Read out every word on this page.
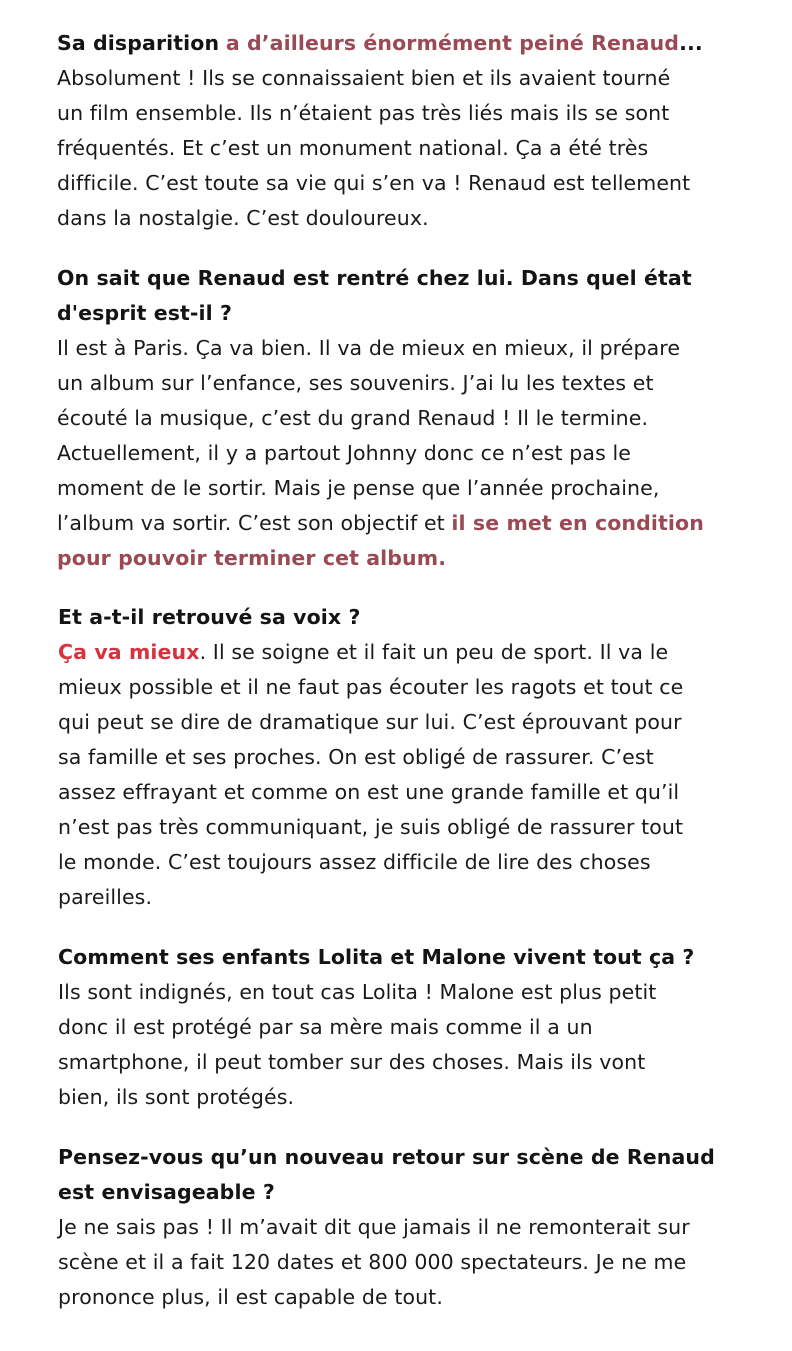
Sa disparition a d’ailleurs énormément peiné Renaud...
Absolument ! Ils se connaissaient bien et ils avaient tourné
un film ensemble. Ils n’étaient pas très liés mais ils se sont
fréquentés. Et c’est un monument national. Ça a été très
difficile. C’est toute sa vie qui s’en va ! Renaud est tellement
dans la nostalgie. C’est douloureux.
On sait que Renaud est rentré chez lui. Dans quel état
d'esprit est-il ?
Il est à Paris. Ça va bien. Il va de mieux en mieux, il prépare
un album sur l’enfance, ses souvenirs. J’ai lu les textes et
écouté la musique, c’est du grand Renaud ! Il le termine.
Actuellement, il y a partout Johnny donc ce n’est pas le
moment de le sortir. Mais je pense que l’année prochaine,
l’album va sortir. C’est son objectif et il se met en condition
pour pouvoir terminer cet album.
Et a-t-il retrouvé sa voix ?
Ça va mieux. Il se soigne et il fait un peu de sport. Il va le
mieux possible et il ne faut pas écouter les ragots et tout ce
qui peut se dire de dramatique sur lui. C’est éprouvant pour
sa famille et ses proches. On est obligé de rassurer. C’est
assez effrayant et comme on est une grande famille et qu’il
n’est pas très communiquant, je suis obligé de rassurer tout
le monde. C’est toujours assez difficile de lire des choses
pareilles.
Comment ses enfants Lolita et Malone vivent tout ça ?
Ils sont indignés, en tout cas Lolita ! Malone est plus petit
donc il est protégé par sa mère mais comme il a un
smartphone, il peut tomber sur des choses. Mais ils vont
bien, ils sont protégés.
Pensez-vous qu’un nouveau retour sur scène de Renaud
est envisageable ?
Je ne sais pas ! Il m’avait dit que jamais il ne remonterait sur
scène et il a fait 120 dates et 800 000 spectateurs. Je ne me
prononce plus, il est capable de tout.
